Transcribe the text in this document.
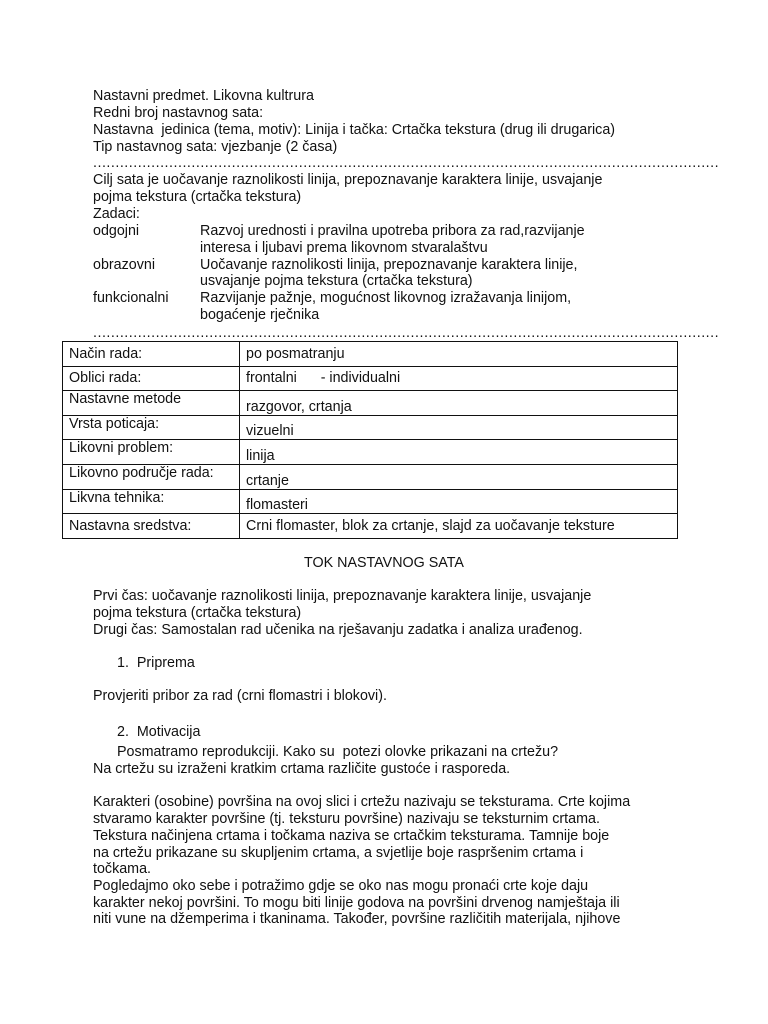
Nastavni predmet. Likovna kultrura
Redni broj nastavnog sata:
Nastavna  jedinica (tema, motiv): Linija i tačka: Crtačka tekstura (drug ili drugarica)
Tip nastavnog sata: vjezbanje (2 časa)
............................................................................................................................................
Cilj sata je uočavanje raznolikosti linija, prepoznavanje karaktera linije, usvajanje
pojma tekstura (crtačka tekstura)
Zadaci:
odgojni	Razvoj urednosti i pravilna upotreba pribora za rad,razvijanje
interesa i ljubavi prema likovnom stvaralaštvu
obrazovni	Uočavanje raznolikosti linija, prepoznavanje karaktera linije,
usvajanje pojma tekstura (crtačka tekstura)
funkcionalni Razvijanje pažnje, mogućnost likovnog izražavanja linijom,
bogaćenje rječnika
............................................................................................................................................
Način rada:	po posmatranju
Oblici rada:	frontalni      - individualni
Nastavne metode	razgovor, crtanja
Vrsta poticaja:	vizuelni
Likovni problem:	linija
Likovno područje rada:	crtanje
Likvna tehnika:	flomasteri
Nastavna sredstva:	Crni flomaster, blok za crtanje, slajd za uočavanje teksture
TOK NASTAVNOG SATA
Prvi čas: uočavanje raznolikosti linija, prepoznavanje karaktera linije, usvajanje
pojma tekstura (crtačka tekstura)
Drugi čas: Samostalan rad učenika na rješavanju zadatka i analiza urađenog.
1.  Priprema
Provjeriti pribor za rad (crni flomastri i blokovi).
2.  Motivacija
Posmatramo reprodukciji. Kako su  potezi olovke prikazani na crtežu?
Na crtežu su izraženi kratkim crtama različite gustoće i rasporeda.
Karakteri (osobine) površina na ovoj slici i crtežu nazivaju se teksturama. Crte kojima
stvaramo karakter površine (tj. teksturu površine) nazivaju se teksturnim crtama.
Tekstura načinjena crtama i točkama naziva se crtačkim teksturama. Tamnije boje
na crtežu prikazane su skupljenim crtama, a svjetlije boje raspršenim crtama i
točkama.
Pogledajmo oko sebe i potražimo gdje se oko nas mogu pronaći crte koje daju
karakter nekoj površini. To mogu biti linije godova na površini drvenog namještaja ili
niti vune na džemperima i tkaninama. Također, površine različitih materijala, njihove
